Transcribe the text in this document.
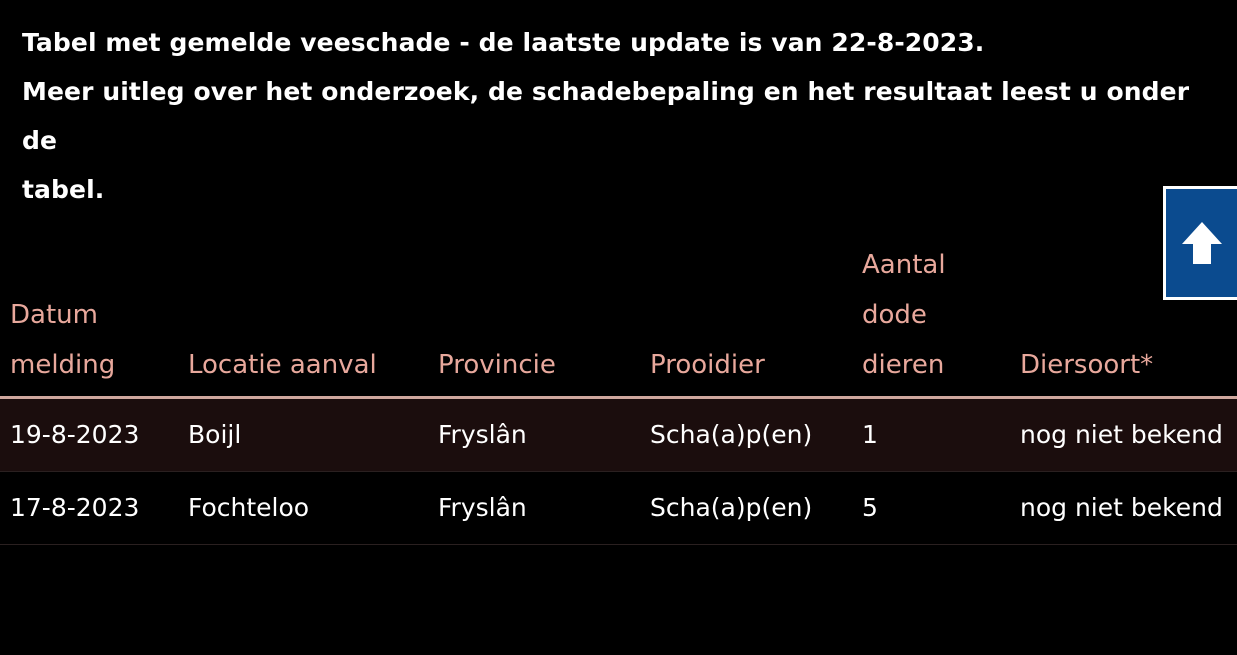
Tabel met gemelde veeschade - de laatste update is van 22-8-2023.
Meer uitleg over het onderzoek, de schadebepaling en het resultaat leest u onder de
tabel.
Datum melding	Locatie aanval	Provincie	Prooidier	Aantal dode dieren	Diersoort*
19-8-2023	Boijl	Fryslân	Scha(a)p(en)	1	nog niet bekend
17-8-2023	Fochteloo	Fryslân	Scha(a)p(en)	5	nog niet bekend
